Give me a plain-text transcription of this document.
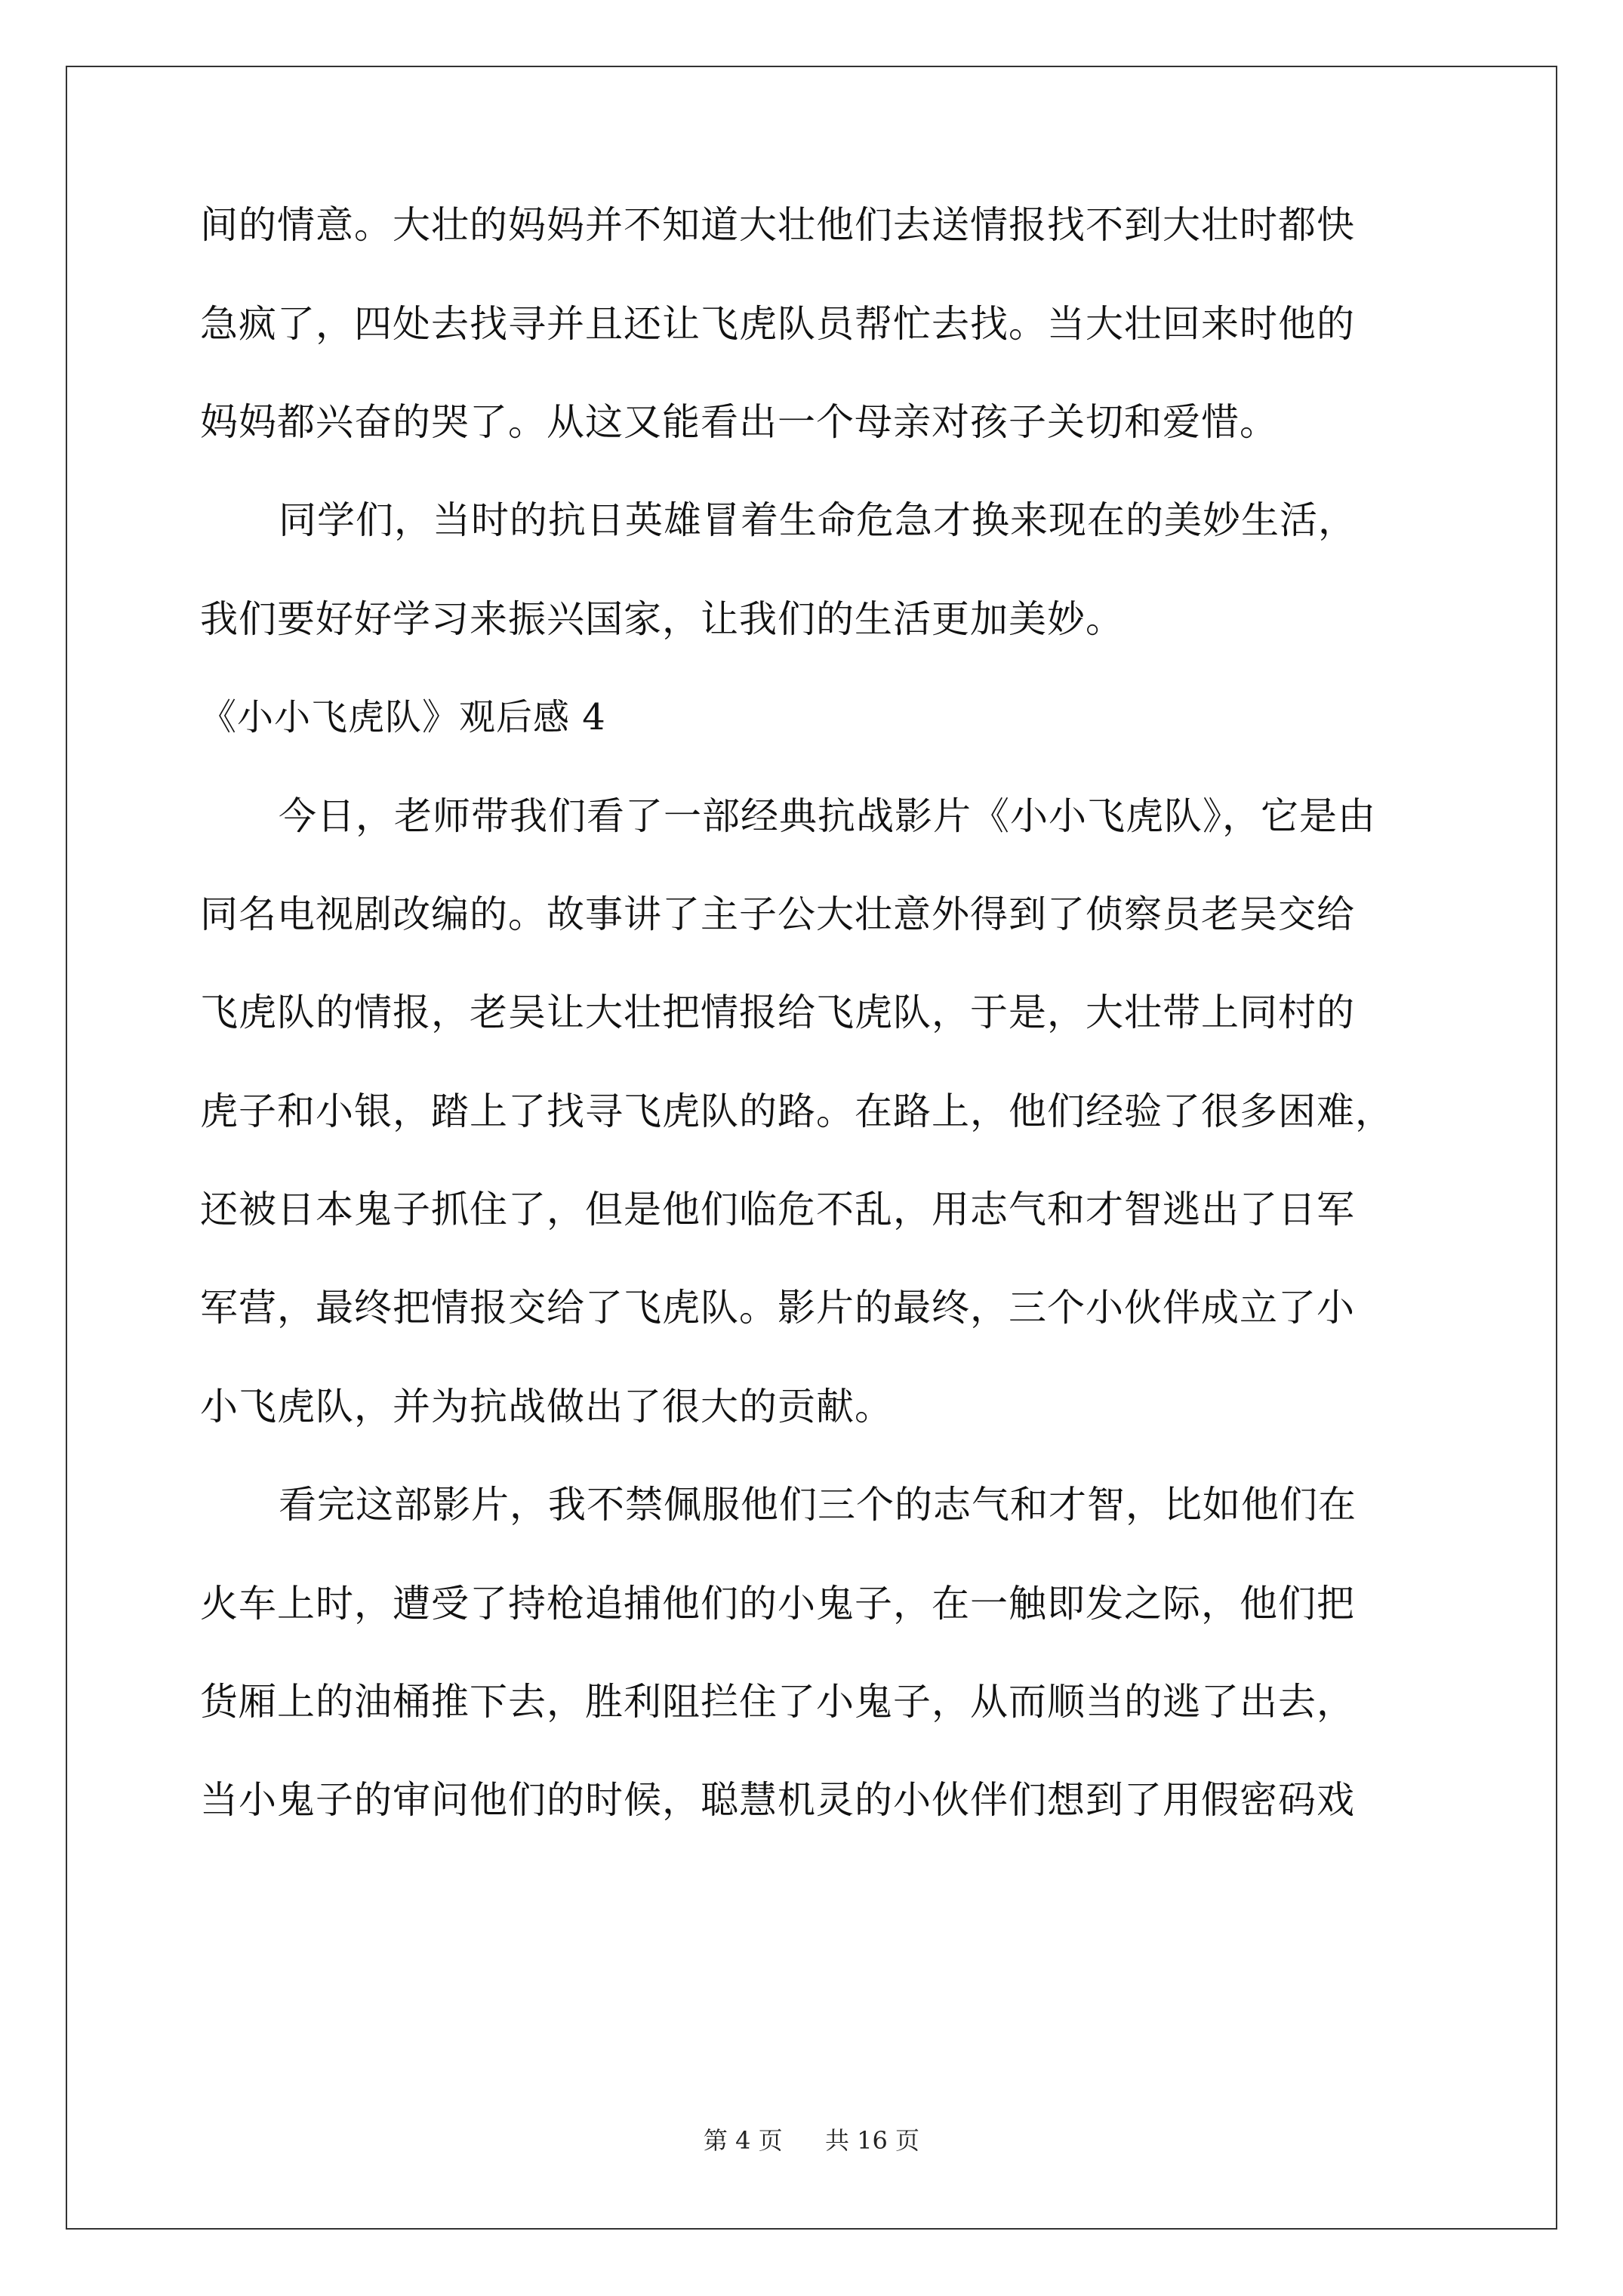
间的情意。大壮的妈妈并不知道大壮他们去送情报找不到大壮时都快
急疯了，四处去找寻并且还让飞虎队员帮忙去找。当大壮回来时他的
妈妈都兴奋的哭了。从这又能看出一个母亲对孩子关切和爱惜。
同学们，当时的抗日英雄冒着生命危急才换来现在的美妙生活，
我们要好好学习来振兴国家，让我们的生活更加美妙。
《小小飞虎队》观后感 4
今日，老师带我们看了一部经典抗战影片《小小飞虎队》，它是由
同名电视剧改编的。故事讲了主子公大壮意外得到了侦察员老吴交给
飞虎队的情报，老吴让大壮把情报给飞虎队，于是，大壮带上同村的
虎子和小银，踏上了找寻飞虎队的路。在路上，他们经验了很多困难，
还被日本鬼子抓住了，但是他们临危不乱，用志气和才智逃出了日军
军营，最终把情报交给了飞虎队。影片的最终，三个小伙伴成立了小
小飞虎队，并为抗战做出了很大的贡献。
看完这部影片，我不禁佩服他们三个的志气和才智，比如他们在
火车上时，遭受了持枪追捕他们的小鬼子，在一触即发之际，他们把
货厢上的油桶推下去，胜利阻拦住了小鬼子，从而顺当的逃了出去，
当小鬼子的审问他们的时候，聪慧机灵的小伙伴们想到了用假密码戏
第 4 页 共 16 页
